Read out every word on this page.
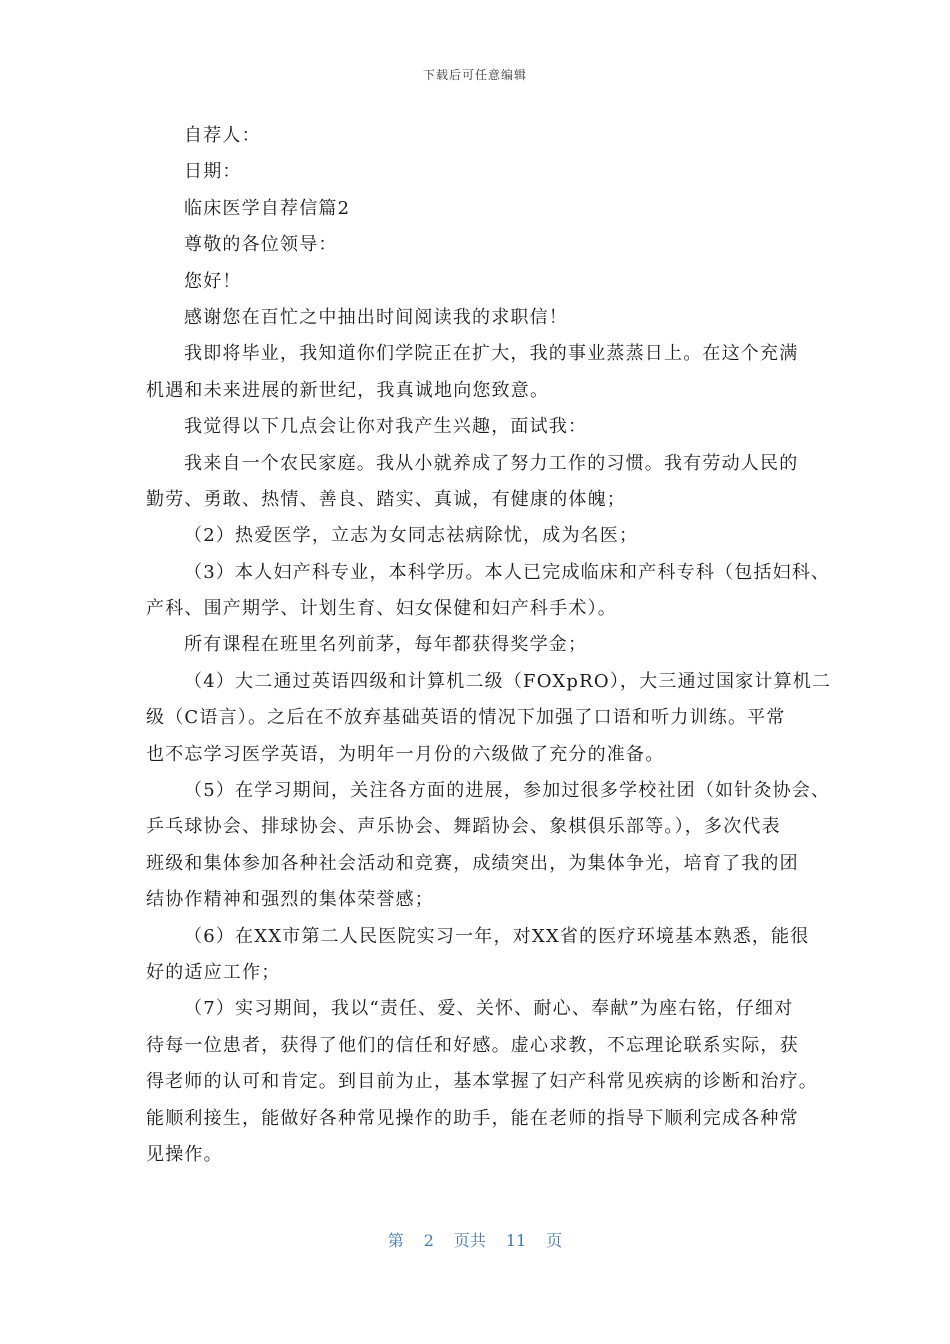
下载后可任意编辑
自荐人：
日期：
临床医学自荐信篇2
尊敬的各位领导：
您好！
感谢您在百忙之中抽出时间阅读我的求职信！
我即将毕业，我知道你们学院正在扩大，我的事业蒸蒸日上。在这个充满
机遇和未来进展的新世纪，我真诚地向您致意。
我觉得以下几点会让你对我产生兴趣，面试我：
我来自一个农民家庭。我从小就养成了努力工作的习惯。我有劳动人民的
勤劳、勇敢、热情、善良、踏实、真诚，有健康的体魄；
（2）热爱医学，立志为女同志祛病除忧，成为名医；
（3）本人妇产科专业，本科学历。本人已完成临床和产科专科（包括妇科、
产科、围产期学、计划生育、妇女保健和妇产科手术）。
所有课程在班里名列前茅，每年都获得奖学金；
（4）大二通过英语四级和计算机二级（FOXpRO），大三通过国家计算机二
级（C语言）。之后在不放弃基础英语的情况下加强了口语和听力训练。平常
也不忘学习医学英语，为明年一月份的六级做了充分的准备。
（5）在学习期间，关注各方面的进展，参加过很多学校社团（如针灸协会、
乒乓球协会、排球协会、声乐协会、舞蹈协会、象棋俱乐部等。），多次代表
班级和集体参加各种社会活动和竞赛，成绩突出，为集体争光，培育了我的团
结协作精神和强烈的集体荣誉感；
（6）在XX市第二人民医院实习一年，对XX省的医疗环境基本熟悉，能很
好的适应工作；
（7）实习期间，我以“责任、爱、关怀、耐心、奉献”为座右铭，仔细对
待每一位患者，获得了他们的信任和好感。虚心求教，不忘理论联系实际，获
得老师的认可和肯定。到目前为止，基本掌握了妇产科常见疾病的诊断和治疗。
能顺利接生，能做好各种常见操作的助手，能在老师的指导下顺利完成各种常
见操作。
第 2 页共 11 页
